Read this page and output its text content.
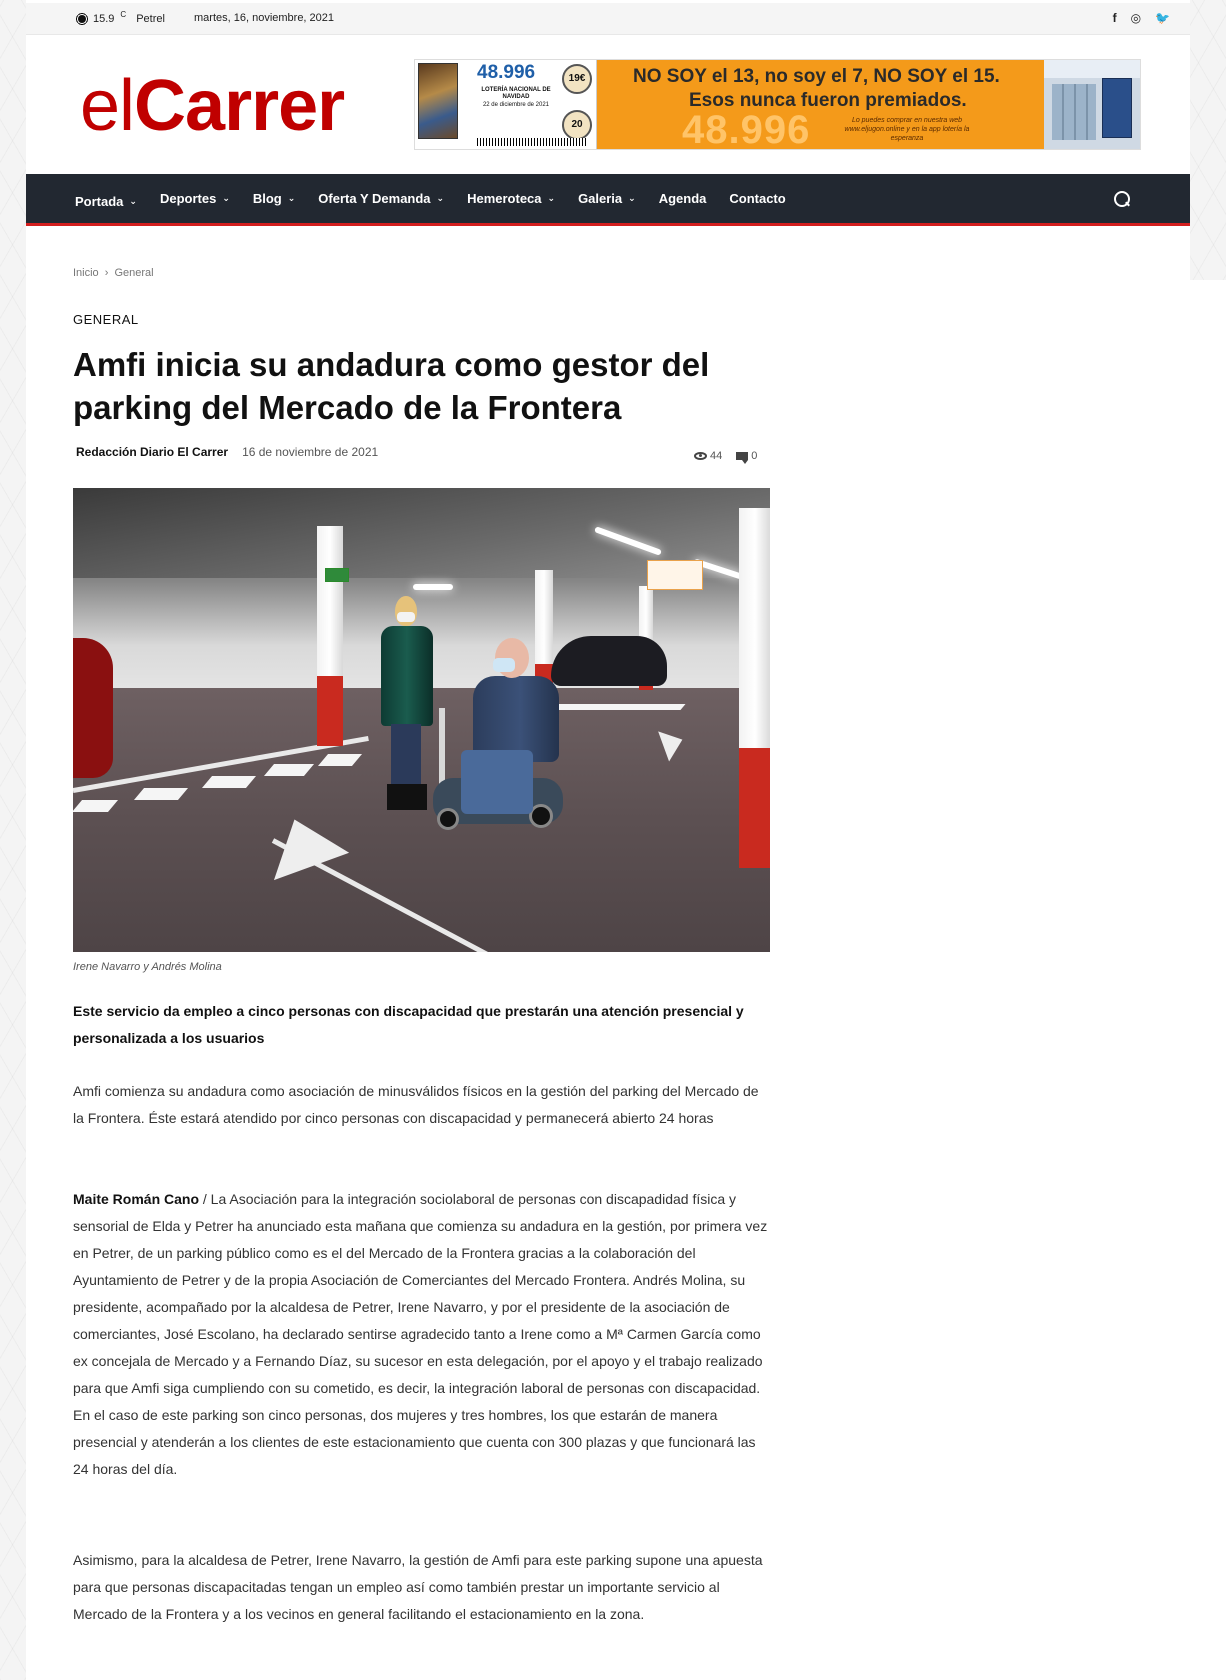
15.9 C Petrel	martes, 16, noviembre, 2021	f ◎ 🐦
elCarrer	48.996
LOTERÍA NACIONAL DE NAVIDAD
22 de diciembre de 2021
19€
20
NO SOY el 13, no soy el 7, NO SOY el 15.
Esos nunca fueron premiados.
48.996	Lo puedes comprar en nuestra web www.eljugon.online y en la app lotería la esperanza
Portada ⌄ Deportes ⌄ Blog ⌄ Oferta Y Demanda ⌄ Hemeroteca ⌄ Galeria ⌄ Agenda Contacto
Inicio › General
GENERAL
Amfi inicia su andadura como gestor del parking del Mercado de la Frontera
Redacción Diario El Carrer 16 de noviembre de 2021	44	0
Irene Navarro y Andrés Molina

Este servicio da empleo a cinco personas con discapacidad que prestarán una atención presencial y personalizada a los usuarios

Amfi comienza su andadura como asociación de minusválidos físicos en la gestión del parking del Mercado de la Frontera. Éste estará atendido por cinco personas con discapacidad y permanecerá abierto 24 horas

Maite Román Cano / La Asociación para la integración sociolaboral de personas con discapadidad física y sensorial de Elda y Petrer ha anunciado esta mañana que comienza su andadura en la gestión, por primera vez en Petrer, de un parking público como es el del Mercado de la Frontera gracias a la colaboración del Ayuntamiento de Petrer y de la propia Asociación de Comerciantes del Mercado Frontera. Andrés Molina, su presidente, acompañado por la alcaldesa de Petrer, Irene Navarro, y por el presidente de la asociación de comerciantes, José Escolano, ha declarado sentirse agradecido tanto a Irene como a Mª Carmen García como ex concejala de Mercado y a Fernando Díaz, su sucesor en esta delegación, por el apoyo y el trabajo realizado para que Amfi siga cumpliendo con su cometido, es decir, la integración laboral de personas con discapacidad. En el caso de este parking son cinco personas, dos mujeres y tres hombres, los que estarán de manera presencial y atenderán a los clientes de este estacionamiento que cuenta con 300 plazas y que funcionará las 24 horas del día.

Asimismo, para la alcaldesa de Petrer, Irene Navarro, la gestión de Amfi para este parking supone una apuesta para que personas discapacitadas tengan un empleo así como también prestar un importante servicio al Mercado de la Frontera y a los vecinos en general facilitando el estacionamiento en la zona.
